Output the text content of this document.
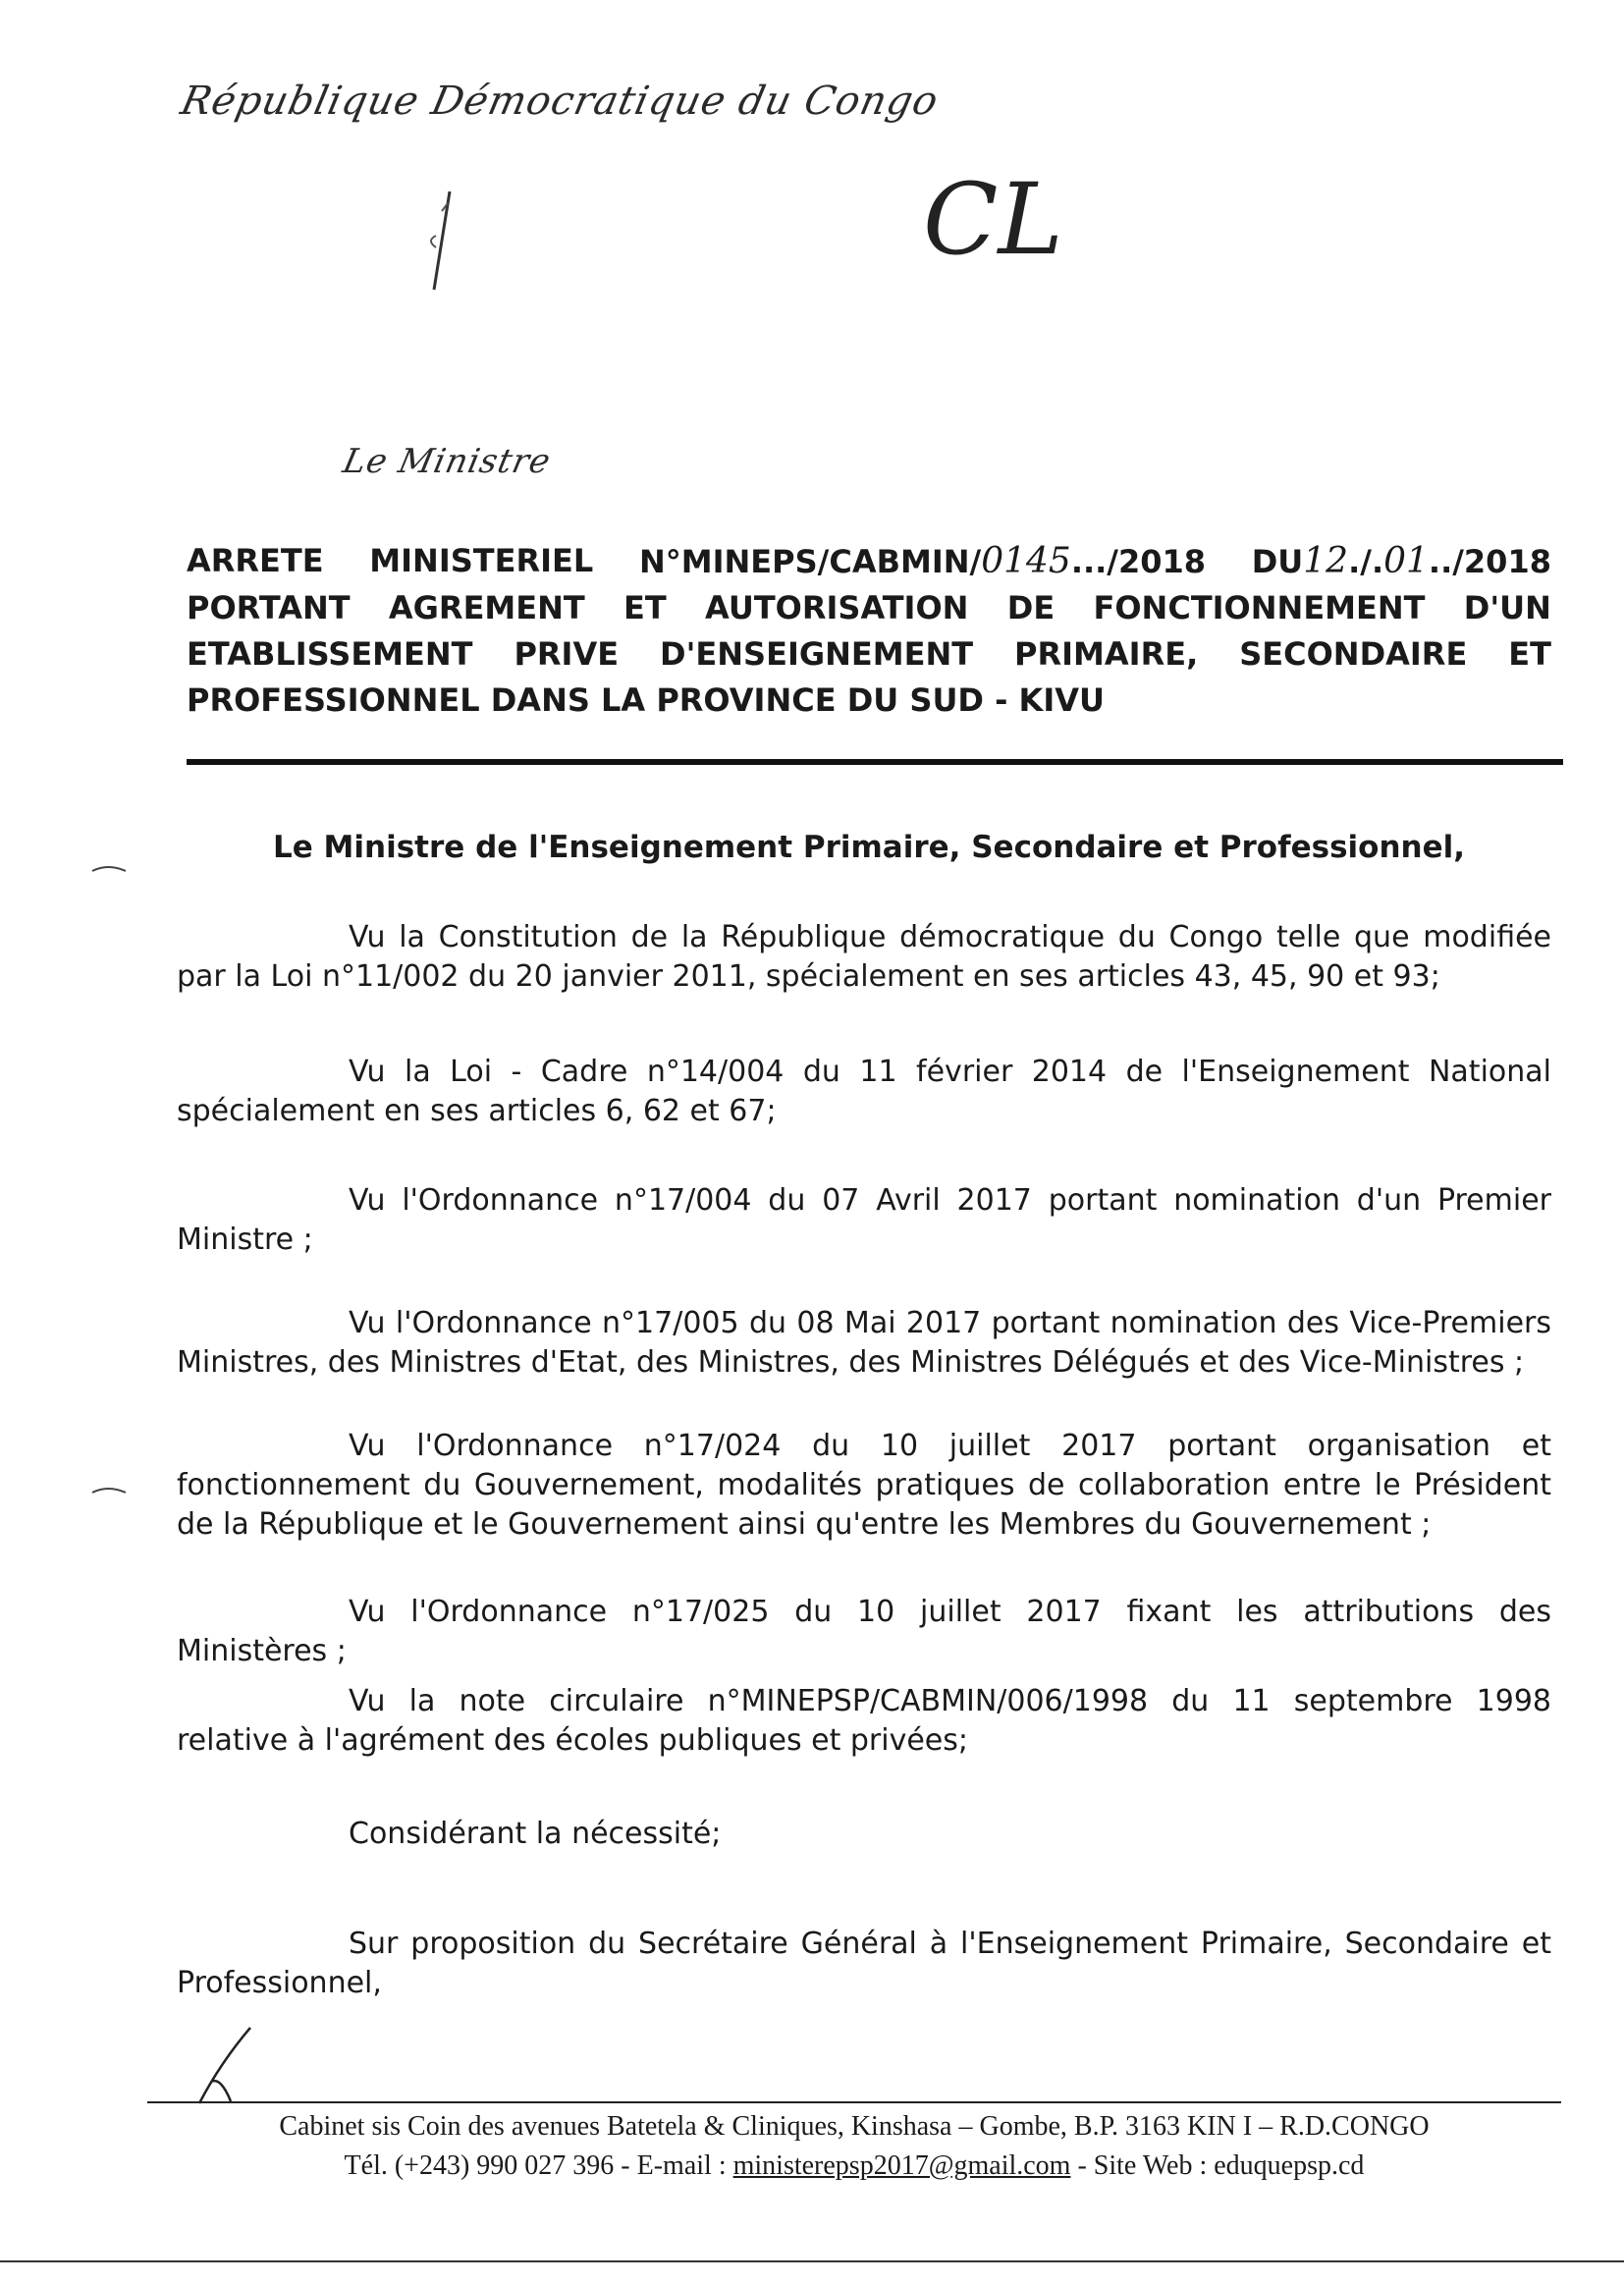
République Démocratique du Congo
CL
Le Ministre
ARRETE MINISTERIEL N°MINEPS/CABMIN/0145.../2018 DU12./.01../2018
PORTANT AGREMENT ET AUTORISATION DE FONCTIONNEMENT D'UN
ETABLISSEMENT PRIVE D'ENSEIGNEMENT PRIMAIRE, SECONDAIRE ET
PROFESSIONNEL DANS LA PROVINCE DU SUD - KIVU
Le Ministre de l'Enseignement Primaire, Secondaire et Professionnel,
Vu la Constitution de la République démocratique du Congo telle que modifiée par la Loi n°11/002 du 20 janvier 2011, spécialement en ses articles 43, 45, 90 et 93;
Vu la Loi - Cadre n°14/004 du 11 février 2014 de l'Enseignement National spécialement en ses articles 6, 62 et 67;
Vu l'Ordonnance n°17/004 du 07 Avril 2017 portant nomination d'un Premier Ministre ;
Vu l'Ordonnance n°17/005 du 08 Mai 2017 portant nomination des Vice-Premiers Ministres, des Ministres d'Etat, des Ministres, des Ministres Délégués et des Vice-Ministres ;
Vu l'Ordonnance n°17/024 du 10 juillet 2017 portant organisation et fonctionnement du Gouvernement, modalités pratiques de collaboration entre le Président de la République et le Gouvernement ainsi qu'entre les Membres du Gouvernement ;
Vu l'Ordonnance n°17/025 du 10 juillet 2017 fixant les attributions des Ministères ;
Vu la note circulaire n°MINEPSP/CABMIN/006/1998 du 11 septembre 1998 relative à l'agrément des écoles publiques et privées;
Considérant la nécessité;
Sur proposition du Secrétaire Général à l'Enseignement Primaire, Secondaire et Professionnel,
Cabinet sis Coin des avenues Batetela & Cliniques, Kinshasa – Gombe, B.P. 3163 KIN I – R.D.CONGO
Tél. (+243) 990 027 396 - E-mail : ministerepsp2017@gmail.com - Site Web : eduquepsp.cd
